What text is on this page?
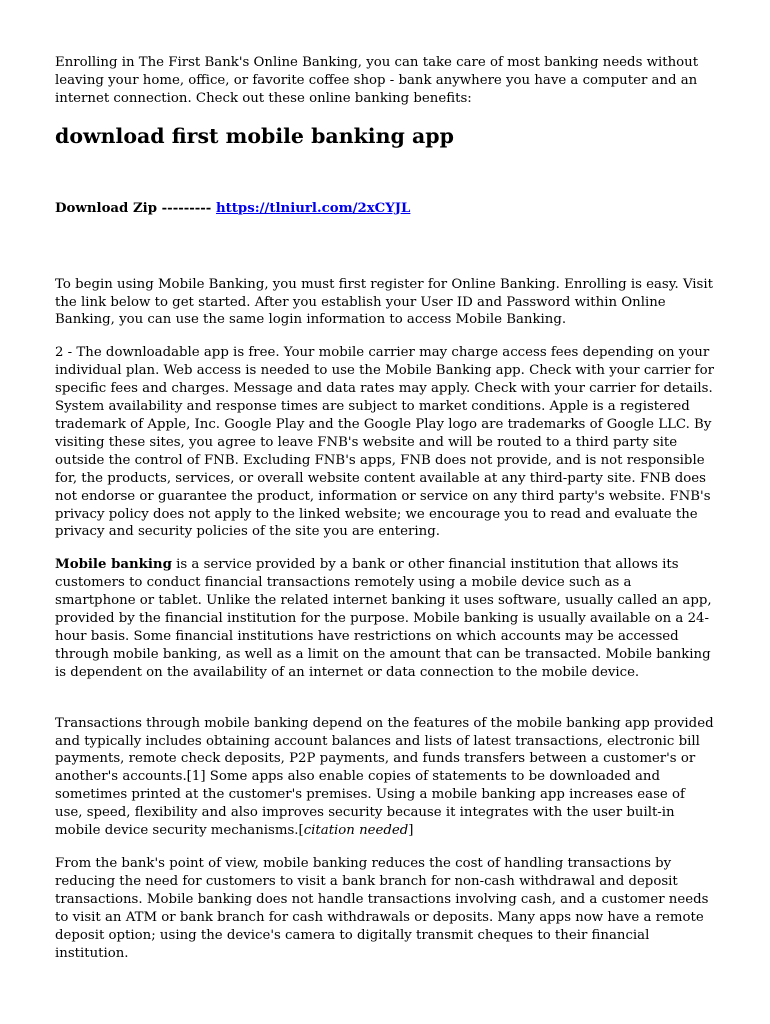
Enrolling in The First Bank's Online Banking, you can take care of most banking needs without leaving your home, office, or favorite coffee shop - bank anywhere you have a computer and an internet connection. Check out these online banking benefits:

download first mobile banking app

Download Zip --------- https://tlniurl.com/2xCYJL

To begin using Mobile Banking, you must first register for Online Banking. Enrolling is easy. Visit the link below to get started. After you establish your User ID and Password within Online Banking, you can use the same login information to access Mobile Banking.

2 - The downloadable app is free. Your mobile carrier may charge access fees depending on your individual plan. Web access is needed to use the Mobile Banking app. Check with your carrier for specific fees and charges. Message and data rates may apply. Check with your carrier for details. System availability and response times are subject to market conditions. Apple is a registered trademark of Apple, Inc. Google Play and the Google Play logo are trademarks of Google LLC. By visiting these sites, you agree to leave FNB's website and will be routed to a third party site outside the control of FNB. Excluding FNB's apps, FNB does not provide, and is not responsible for, the products, services, or overall website content available at any third-party site. FNB does not endorse or guarantee the product, information or service on any third party's website. FNB's privacy policy does not apply to the linked website; we encourage you to read and evaluate the privacy and security policies of the site you are entering.

Mobile banking is a service provided by a bank or other financial institution that allows its customers to conduct financial transactions remotely using a mobile device such as a smartphone or tablet. Unlike the related internet banking it uses software, usually called an app, provided by the financial institution for the purpose. Mobile banking is usually available on a 24-hour basis. Some financial institutions have restrictions on which accounts may be accessed through mobile banking, as well as a limit on the amount that can be transacted. Mobile banking is dependent on the availability of an internet or data connection to the mobile device.

Transactions through mobile banking depend on the features of the mobile banking app provided and typically includes obtaining account balances and lists of latest transactions, electronic bill payments, remote check deposits, P2P payments, and funds transfers between a customer's or another's accounts.[1] Some apps also enable copies of statements to be downloaded and sometimes printed at the customer's premises. Using a mobile banking app increases ease of use, speed, flexibility and also improves security because it integrates with the user built-in mobile device security mechanisms.[citation needed]

From the bank's point of view, mobile banking reduces the cost of handling transactions by reducing the need for customers to visit a bank branch for non-cash withdrawal and deposit transactions. Mobile banking does not handle transactions involving cash, and a customer needs to visit an ATM or bank branch for cash withdrawals or deposits. Many apps now have a remote deposit option; using the device's camera to digitally transmit cheques to their financial institution.
